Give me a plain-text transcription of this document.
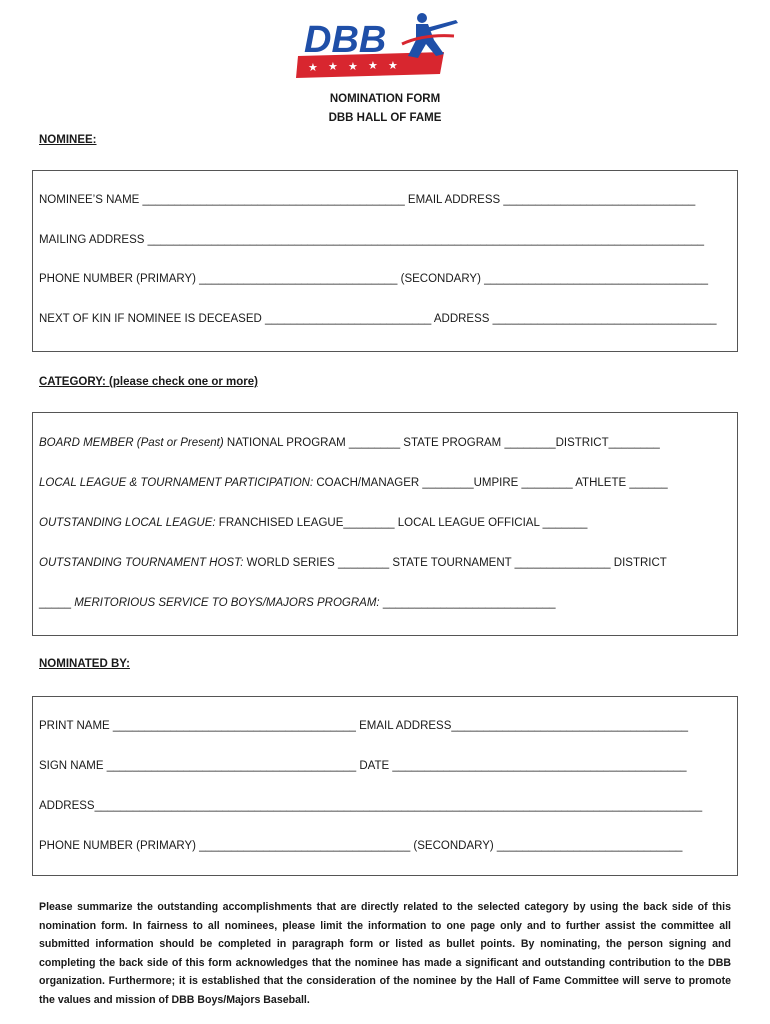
★ ★ ★ ★ ★
DBB
NOMINATION FORM
DBB HALL OF FAME
NOMINEE:
NOMINEE’S NAME _________________________________________ EMAIL ADDRESS ______________________________
MAILING ADDRESS _______________________________________________________________________________________
PHONE NUMBER (PRIMARY) _______________________________ (SECONDARY) ___________________________________
NEXT OF KIN IF NOMINEE IS DECEASED __________________________ ADDRESS ___________________________________
CATEGORY: (please check one or more)
BOARD MEMBER (Past or Present) NATIONAL PROGRAM ________ STATE PROGRAM ________DISTRICT________
LOCAL LEAGUE & TOURNAMENT PARTICIPATION: COACH/MANAGER ________UMPIRE ________ ATHLETE ______
OUTSTANDING LOCAL LEAGUE: FRANCHISED LEAGUE________ LOCAL LEAGUE OFFICIAL _______
OUTSTANDING TOURNAMENT HOST: WORLD SERIES ________ STATE TOURNAMENT _______________ DISTRICT
_____ MERITORIOUS SERVICE TO BOYS/MAJORS PROGRAM: ___________________________
NOMINATED BY:
PRINT NAME ______________________________________ EMAIL ADDRESS_____________________________________
SIGN NAME _______________________________________ DATE ______________________________________________
ADDRESS_______________________________________________________________________________________________
PHONE NUMBER (PRIMARY) _________________________________ (SECONDARY) _____________________________
Please summarize the outstanding accomplishments that are directly related to the selected category by using the back side of this nomination form. In fairness to all nominees, please limit the information to one page only and to further assist the committee all submitted information should be completed in paragraph form or listed as bullet points. By nominating, the person signing and completing the back side of this form acknowledges that the nominee has made a significant and outstanding contribution to the DBB organization. Furthermore; it is established that the consideration of the nominee by the Hall of Fame Committee will serve to promote the values and mission of DBB Boys/Majors Baseball.
